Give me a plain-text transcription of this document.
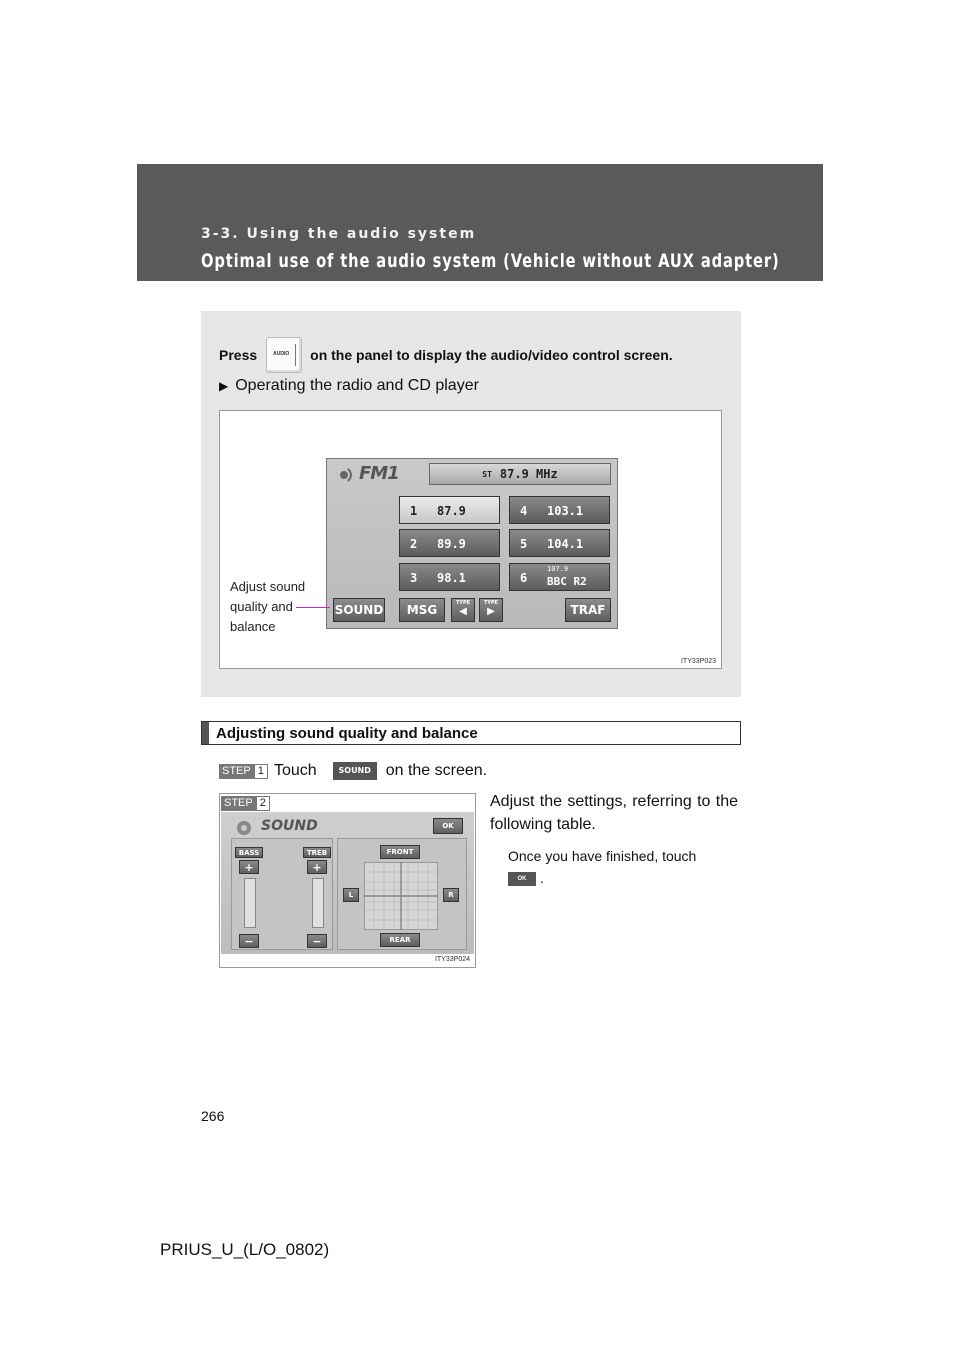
3-3. Using the audio system
Optimal use of the audio system (Vehicle without AUX adapter)
Press	AUDIO on the panel to display the audio/video control screen.
▶ Operating the radio and CD player
FM1	ST 87.9 MHz
1 87.9
2 89.9
3 98.1
4 103.1
5 104.1
6
107.9
BBC R2
SOUND	MSG	TYPE
◀
TYPE
▶	TRAF
Adjust sound
quality and
balance
ITY33P023
Adjusting sound quality and balance
STEP 1 Touch	SOUND on the screen.
STEP 2
SOUND	OK
BASS
+
−
TREB
+
−
FRONT
REAR
L	R
ITY33P024
Adjust the settings, referring to the following table.
Once you have finished, touch
OK .
266
PRIUS_U_(L/O_0802)
